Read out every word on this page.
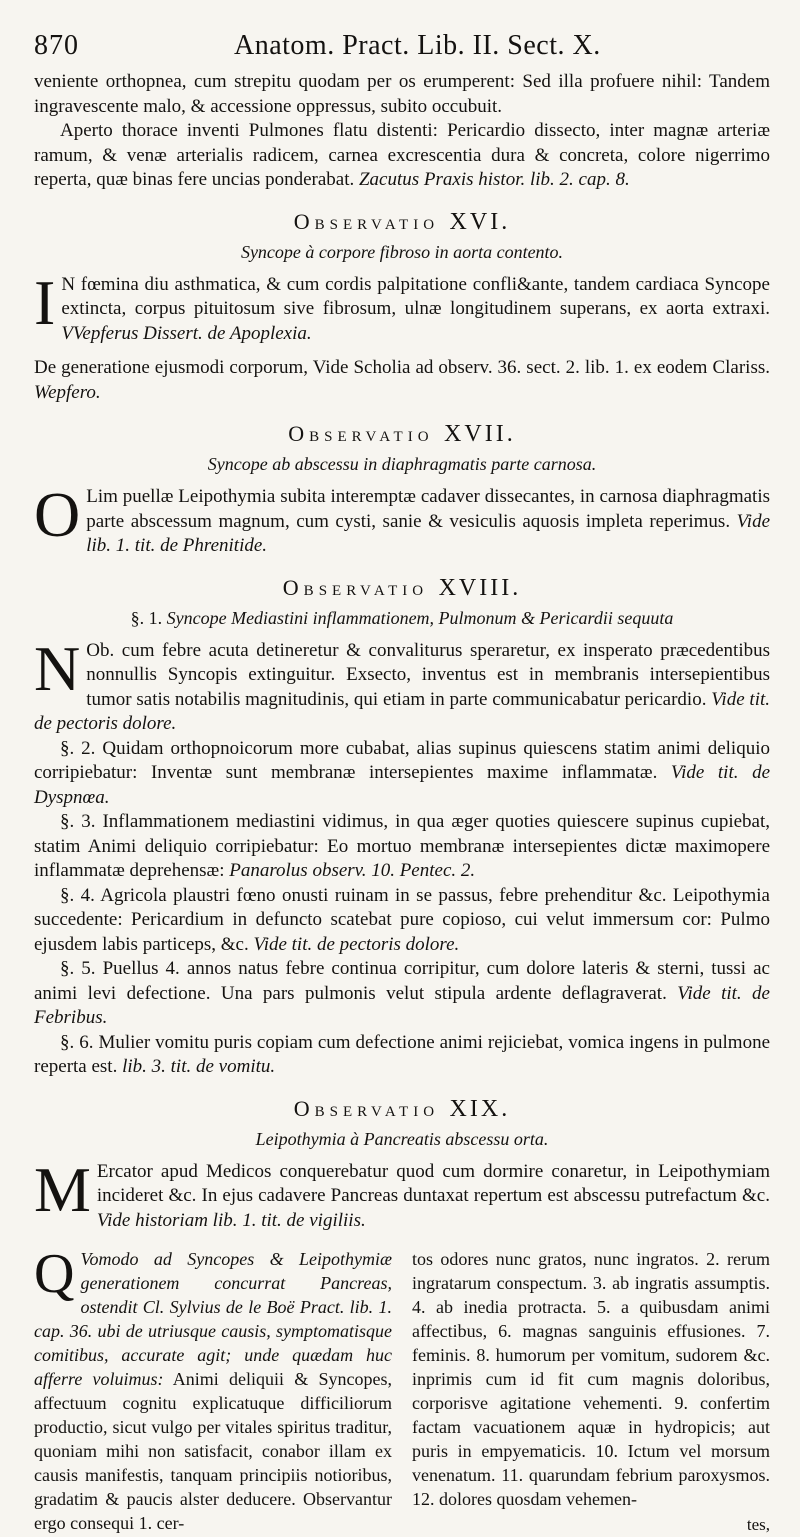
870	Anatom. Pract. Lib. II. Sect. X.

veniente orthopnea, cum strepitu quodam per os erumperent: Sed illa profuere nihil: Tandem ingravescente malo, & accessione oppressus, subito occubuit.

Aperto thorace inventi Pulmones flatu distenti: Pericardio dissecto, inter magnæ arteriæ ramum, & venæ arterialis radicem, carnea excrescentia dura & concreta, colore nigerrimo reperta, quæ binas fere uncias ponderabat. Zacutus Praxis histor. lib. 2. cap. 8.

Observatio XVI.
Syncope à corpore fibroso in aorta contento.
I N fœmina diu asthmatica, & cum cordis palpitatione confli&ante, tandem cardiaca Syncope extincta, corpus pituitosum sive fibrosum, ulnæ longitudinem superans, ex aorta extraxi. VVepferus Dissert. de Apoplexia.

De generatione ejusmodi corporum, Vide Scholia ad observ. 36. sect. 2. lib. 1. ex eodem Clariss. Wepfero.

Observatio XVII.
Syncope ab abscessu in diaphragmatis parte carnosa.
O Lim puellæ Leipothymia subita interemptæ cadaver dissecantes, in carnosa diaphragmatis parte abscessum magnum, cum cysti, sanie & vesiculis aquosis impleta reperimus. Vide lib. 1. tit. de Phrenitide.
Observatio XVIII.
§. 1. Syncope Mediastini inflammationem, Pulmonum & Pericardii sequuta
N Ob. cum febre acuta detineretur & convaliturus speraretur, ex insperato præcedentibus nonnullis Syncopis extinguitur. Exsecto, inventus est in membranis intersepientibus tumor satis notabilis magnitudinis, qui etiam in parte communicabatur pericardio. Vide tit. de pectoris dolore.

§. 2. Quidam orthopnoicorum more cubabat, alias supinus quiescens statim animi deliquio corripiebatur: Inventæ sunt membranæ intersepientes maxime inflammatæ. Vide tit. de Dyspnœa.

§. 3. Inflammationem mediastini vidimus, in qua æger quoties quiescere supinus cupiebat, statim Animi deliquio corripiebatur: Eo mortuo membranæ intersepientes dictæ maximopere inflammatæ deprehensæ: Panarolus observ. 10. Pentec. 2.

§. 4. Agricola plaustri fœno onusti ruinam in se passus, febre prehenditur &c. Leipothymia succedente: Pericardium in defuncto scatebat pure copioso, cui velut immersum cor: Pulmo ejusdem labis particeps, &c. Vide tit. de pectoris dolore.

§. 5. Puellus 4. annos natus febre continua corripitur, cum dolore lateris & sterni, tussi ac animi levi defectione. Una pars pulmonis velut stipula ardente deflagraverat. Vide tit. de Febribus.

§. 6. Mulier vomitu puris copiam cum defectione animi rejiciebat, vomica ingens in pulmone reperta est. lib. 3. tit. de vomitu.

Observatio XIX.
Leipothymia à Pancreatis abscessu orta.
M Ercator apud Medicos conquerebatur quod cum dormire conaretur, in Leipothymiam incideret &c. In ejus cadavere Pancreas duntaxat repertum est abscessu putrefactum &c. Vide historiam lib. 1. tit. de vigiliis.
Q Vomodo ad Syncopes & Leipothymiæ generationem concurrat Pancreas, ostendit Cl. Sylvius de le Boë Pract. lib. 1. cap. 36. ubi de utriusque causis, symptomatisque comitibus, accurate agit; unde quædam huc afferre voluimus: Animi deliquii & Syncopes, affectuum cognitu explicatuque difficiliorum productio, sicut vulgo per vitales spiritus traditur, quoniam mihi non satisfacit, conabor illam ex causis manifestis, tanquam principiis notioribus, gradatim & paucis alster deducere. Observantur ergo consequi 1. cer-
tos odores nunc gratos, nunc ingratos. 2. rerum ingratarum conspectum. 3. ab ingratis assumptis. 4. ab inedia protracta. 5. a quibusdam animi affectibus, 6. magnas sanguinis effusiones. 7. feminis. 8. humorum per vomitum, sudorem &c. inprimis cum id fit cum magnis doloribus, corporisve agitatione vehementi. 9. confertim factam vacuationem aquæ in hydropicis; aut puris in empyematicis. 10. Ictum vel morsum venenatum. 11. quarundam febrium paroxysmos. 12. dolores quosdam vehemen-
tes,
